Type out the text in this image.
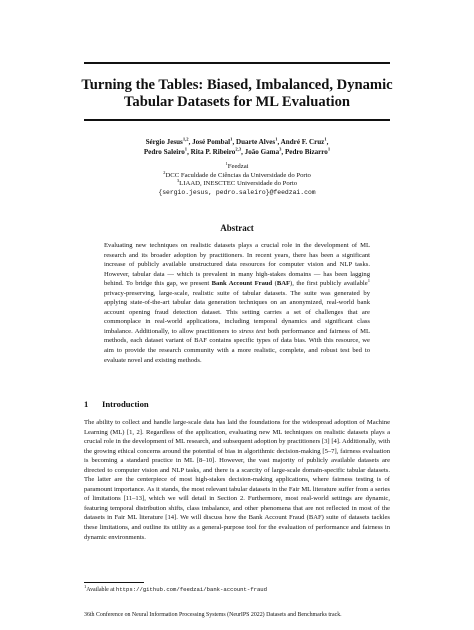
Turning the Tables: Biased, Imbalanced, Dynamic
Tabular Datasets for ML Evaluation
Sérgio Jesus$^{1,2}$, José Pombal$^1$, Duarte Alves$^1$, André F. Cruz$^1$,
Pedro Saleiro$^1$, Rita P. Ribeiro$^{2,3}$, João Gama$^3$, Pedro Bizarro$^1$
$^1$Feedzai
$^2$DCC Faculdade de Ciências da Universidade do Porto
$^3$LIAAD, INESCTEC Universidade do Porto
{sergio.jesus, pedro.saleiro}@feedzai.com
Abstract
Evaluating new techniques on realistic datasets plays a crucial role in the development of ML research and its broader adoption by practitioners. In recent years, there has been a significant increase of publicly available unstructured data resources for computer vision and NLP tasks. However, tabular data — which is prevalent in many high-stakes domains — has been lagging behind. To bridge this gap, we present Bank Account Fraud (BAF), the first publicly available$^1$ privacy-preserving, large-scale, realistic suite of tabular datasets. The suite was generated by applying state-of-the-art tabular data generation techniques on an anonymized, real-world bank account opening fraud detection dataset. This setting carries a set of challenges that are commonplace in real-world applications, including temporal dynamics and significant class imbalance. Additionally, to allow practitioners to stress test both performance and fairness of ML methods, each dataset variant of BAF contains specific types of data bias. With this resource, we aim to provide the research community with a more realistic, complete, and robust test bed to evaluate novel and existing methods.
1 Introduction
The ability to collect and handle large-scale data has laid the foundations for the widespread adoption of Machine Learning (ML) [1, 2]. Regardless of the application, evaluating new ML techniques on realistic datasets plays a crucial role in the development of ML research, and subsequent adoption by practitioners [3] [4]. Additionally, with the growing ethical concerns around the potential of bias in algorithmic decision-making [5–7], fairness evaluation is becoming a standard practice in ML [8–10]. However, the vast majority of publicly available datasets are directed to computer vision and NLP tasks, and there is a scarcity of large-scale domain-specific tabular datasets. The latter are the centerpiece of most high-stakes decision-making applications, where fairness testing is of paramount importance. As it stands, the most relevant tabular datasets in the Fair ML literature suffer from a series of limitations [11–13], which we will detail in Section 2. Furthermore, most real-world settings are dynamic, featuring temporal distribution shifts, class imbalance, and other phenomena that are not reflected in most of the datasets in Fair ML literature [14]. We will discuss how the Bank Account Fraud (BAF) suite of datasets tackles these limitations, and outline its utility as a general-purpose tool for the evaluation of performance and fairness in dynamic environments.
$^1$Available at https://github.com/feedzai/bank-account-fraud
36th Conference on Neural Information Processing Systems (NeurIPS 2022) Datasets and Benchmarks track.
